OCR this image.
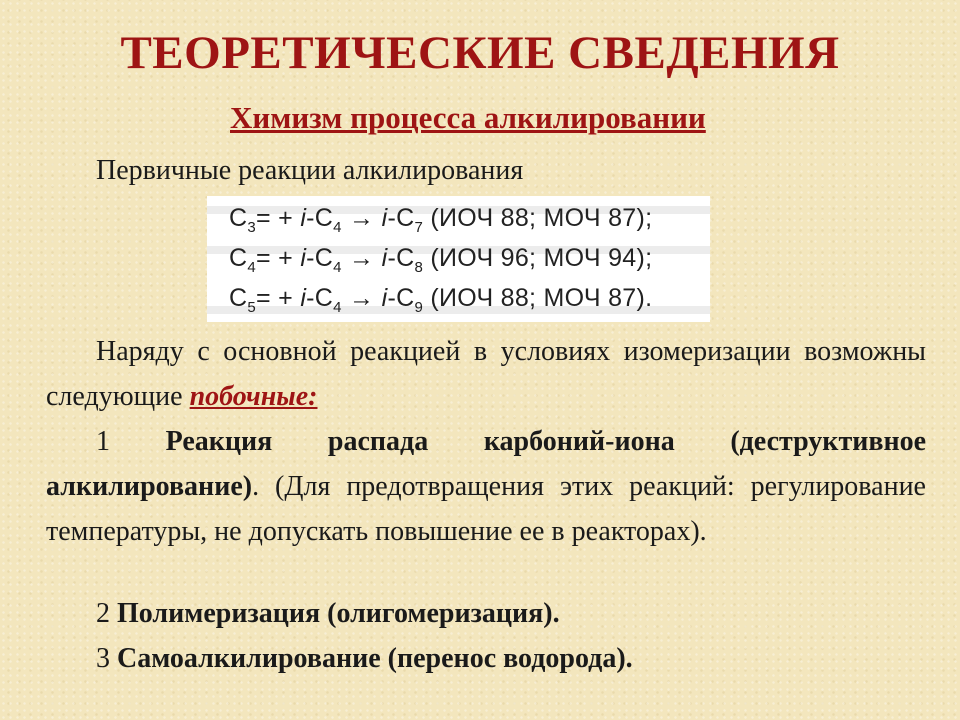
ТЕОРЕТИЧЕСКИЕ СВЕДЕНИЯ
Химизм процесса алкилировании
Первичные реакции алкилирования
$C_3= + i-C_4 \to i-C_7$ (ИОЧ 88; МОЧ 87);
$C_4= + i-C_4 \to i-C_8$ (ИОЧ 96; МОЧ 94);
$C_5= + i-C_4 \to i-C_9$ (ИОЧ 88; МОЧ 87).

Наряду с основной реакцией в условиях изомеризации возможны следующие побочные:

1 Реакция распада карбоний-иона (деструктивное алкилирование). (Для предотвращения этих реакций: регулирование температуры, не допускать повышение ее в реакторах).

2 Полимеризация (олигомеризация).

3 Самоалкилирование (перенос водорода).
